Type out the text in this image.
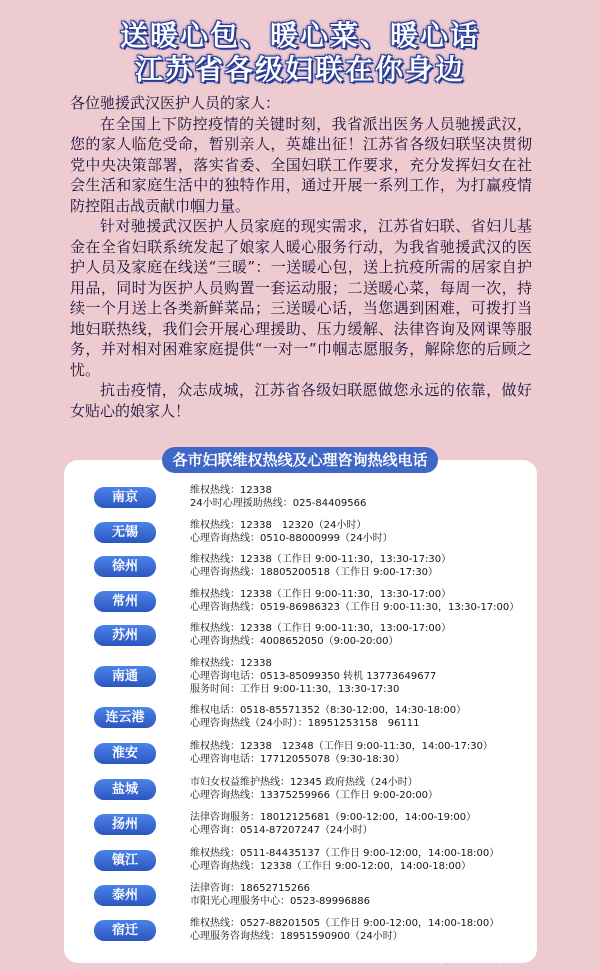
送暖心包、暖心菜、暖心话
江苏省各级妇联在你身边

各位驰援武汉医护人员的家人：

在全国上下防控疫情的关键时刻，我省派出医务人员驰援武汉，您的家人临危受命，暂别亲人，英雄出征！江苏省各级妇联坚决贯彻党中央决策部署，落实省委、全国妇联工作要求，充分发挥妇女在社会生活和家庭生活中的独特作用，通过开展一系列工作，为打赢疫情防控阻击战贡献巾帼力量。

针对驰援武汉医护人员家庭的现实需求，江苏省妇联、省妇儿基金在全省妇联系统发起了娘家人暖心服务行动，为我省驰援武汉的医护人员及家庭在线送“三暖”：一送暖心包，送上抗疫所需的居家自护用品，同时为医护人员购置一套运动服；二送暖心菜，每周一次，持续一个月送上各类新鲜菜品；三送暖心话，当您遇到困难，可拨打当地妇联热线，我们会开展心理援助、压力缓解、法律咨询及网课等服务，并对相对困难家庭提供“一对一”巾帼志愿服务，解除您的后顾之忧。

抗击疫情，众志成城，江苏省各级妇联愿做您永远的依靠，做好女贴心的娘家人！

各市妇联维权热线及心理咨询热线电话
南京	维权热线：12338
24小时心理援助热线：025-84409566
无锡	维权热线：12338　12320（24小时）
心理咨询热线：0510-88000999（24小时）
徐州	维权热线：12338（工作日 9:00-11:30，13:30-17:30）
心理咨询热线：18805200518（工作日 9:00-17:30）
常州	维权热线：12338（工作日 9:00-11:30，13:30-17:00）
心理咨询热线：0519-86986323（工作日 9:00-11:30，13:30-17:00）
苏州	维权热线：12338（工作日 9:00-11:30，13:00-17:00）
心理咨询热线：4008652050（9:00-20:00）
南通
维权热线：12338
心理咨询电话：0513-85099350 转机 13773649677
服务时间：工作日 9:00-11:30，13:30-17:30
连云港	维权电话：0518-85571352（8:30-12:00，14:30-18:00）
心理咨询热线（24小时）：18951253158　96111
淮安	维权热线：12338　12348（工作日 9:00-11:30，14:00-17:30）
心理咨询电话：17712055078（9:30-18:30）
盐城	市妇女权益维护热线：12345 政府热线（24小时）
心理咨询热线：13375259966（工作日 9:00-20:00）
扬州	法律咨询服务：18012125681（9:00-12:00，14:00-19:00）
心理咨询：0514-87207247（24小时）
镇江	维权热线：0511-84435137（工作日 9:00-12:00，14:00-18:00）
心理咨询热线：12338（工作日 9:00-12:00，14:00-18:00）
泰州	法律咨询：18652715266
市阳光心理服务中心：0523-89996886
宿迁	维权热线：0527-88201505（工作日 9:00-12:00，14:00-18:00）
心理服务咨询热线：18951590900（24小时）
新华新闻
